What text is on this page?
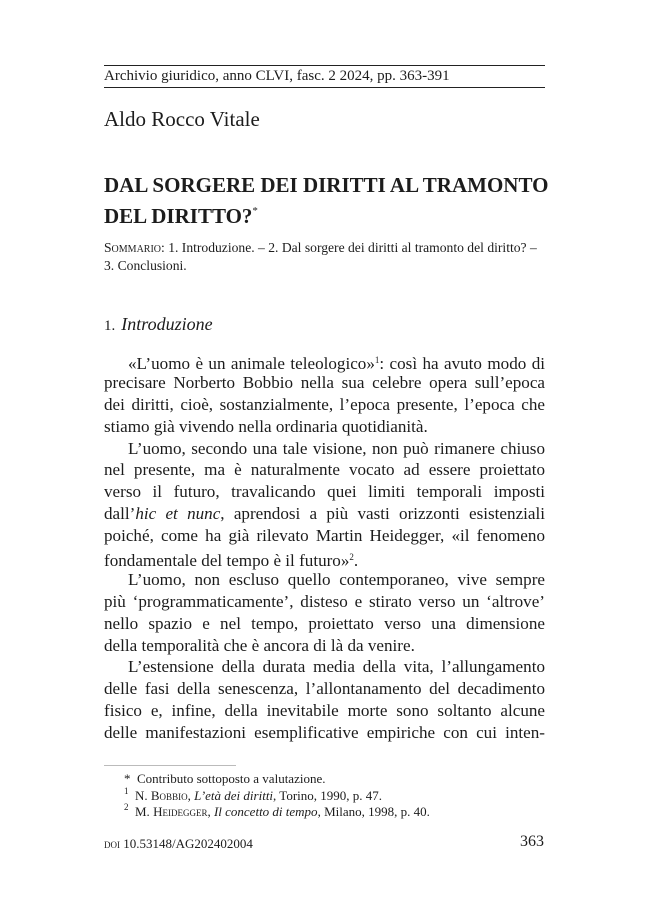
Archivio giuridico, anno CLVI, fasc. 2 2024, pp. 363-391
Aldo Rocco Vitale
DAL SORGERE DEI DIRITTI AL TRAMONTO DEL DIRITTO?*
Sommario: 1. Introduzione. – 2. Dal sorgere dei diritti al tramonto del diritto? – 3. Conclusioni.
1. Introduzione
«L’uomo è un animale teleologico»$^1$: così ha avuto modo di
precisare Norberto Bobbio nella sua celebre opera sull’epoca
dei diritti, cioè, sostanzialmente, l’epoca presente, l’epoca che
stiamo già vivendo nella ordinaria quotidianità.
L’uomo, secondo una tale visione, non può rimanere chiuso
nel presente, ma è naturalmente vocato ad essere proiettato
verso il futuro, travalicando quei limiti temporali imposti
dall’hic et nunc, aprendosi a più vasti orizzonti esistenziali
poiché, come ha già rilevato Martin Heidegger, «il fenomeno
fondamentale del tempo è il futuro»$^2$.
L’uomo, non escluso quello contemporaneo, vive sempre
più ‘programmaticamente’, disteso e stirato verso un ‘altrove’
nello spazio e nel tempo, proiettato verso una dimensione
della temporalità che è ancora di là da venire.
L’estensione della durata media della vita, l’allungamento
delle fasi della senescenza, l’allontanamento del decadimento
fisico e, infine, della inevitabile morte sono soltanto alcune
delle manifestazioni esemplificative empiriche con cui inten-
* Contributo sottoposto a valutazione.
$^1$ N. Bobbio, L’età dei diritti, Torino, 1990, p. 47.
$^2$ M. Heidegger, Il concetto di tempo, Milano, 1998, p. 40.
doi 10.53148/AG202402004	363
